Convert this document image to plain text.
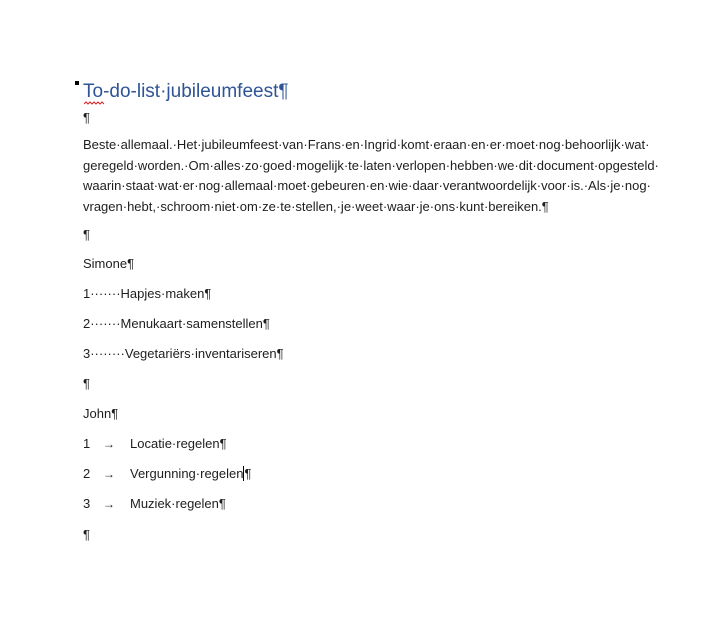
To-do-list·jubileumfeest¶
¶
Beste·allemaal.·Het·jubileumfeest·van·Frans·en·Ingrid·komt·eraan·en·er·moet·nog·behoorlijk·wat·
geregeld·worden.·Om·alles·zo·goed·mogelijk·te·laten·verlopen·hebben·we·dit·document·opgesteld·
waarin·staat·wat·er·nog·allemaal·moet·gebeuren·en·wie·daar·verantwoordelijk·voor·is.·Als·je·nog·
vragen·hebt,·schroom·niet·om·ze·te·stellen,·je·weet·waar·je·ons·kunt·bereiken.¶
¶
Simone¶
1·······Hapjes·maken¶
2·······Menukaart·samenstellen¶
3········Vegetariërs·inventariseren¶
¶
John¶
1 → Locatie·regelen¶
2 → Vergunning·regelen¶
3 → Muziek·regelen¶
¶
